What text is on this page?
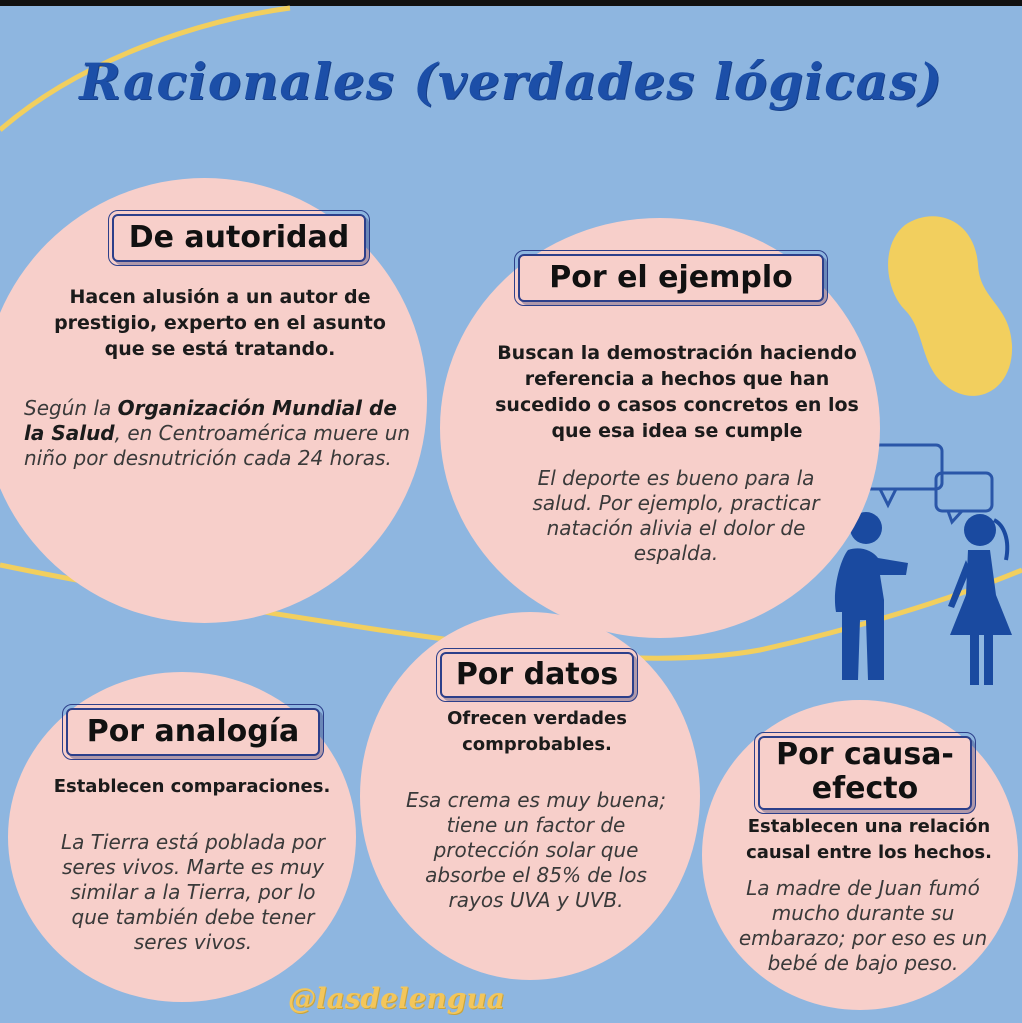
Racionales (verdades lógicas)
De autoridad
Hacen alusión a un autor de prestigio, experto en el asunto que se está tratando.
Según la Organización Mundial de la Salud, en Centroamérica muere un niño por desnutrición cada 24 horas.
Por el ejemplo
Buscan la demostración haciendo referencia a hechos que han sucedido o casos concretos en los que esa idea se cumple
El deporte es bueno para la salud. Por ejemplo, practicar natación alivia el dolor de espalda.
Por analogía
Establecen comparaciones.
La Tierra está poblada por seres vivos. Marte es muy similar a la Tierra, por lo que también debe tener seres vivos.
Por datos
Ofrecen verdades comprobables.
Esa crema es muy buena; tiene un factor de protección solar que absorbe el 85% de los rayos UVA y UVB.
Por causa-
efecto
Establecen una relación causal entre los hechos.
La madre de Juan fumó mucho durante su embarazo; por eso es un bebé de bajo peso.
@lasdelengua
